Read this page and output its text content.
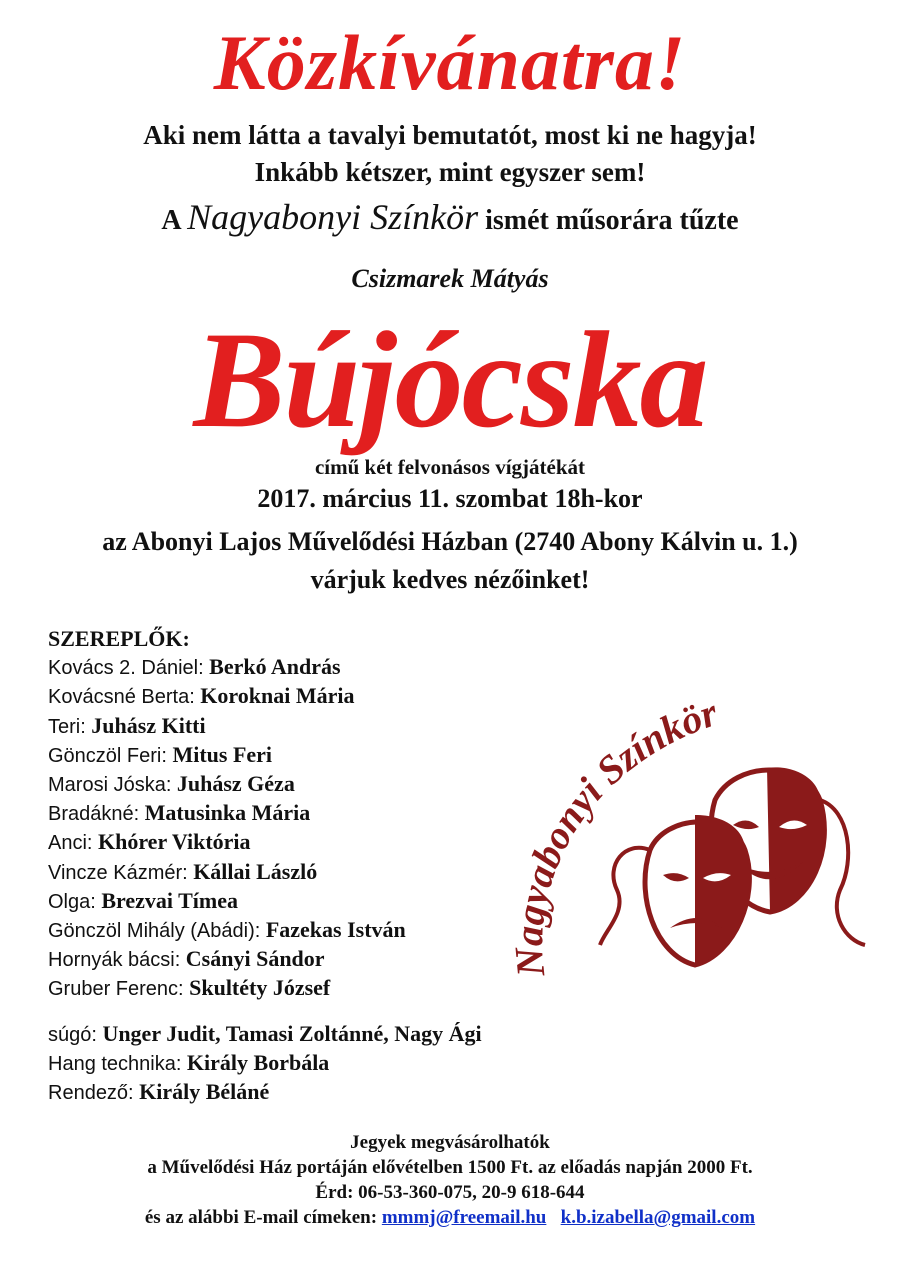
Közkívánatra!
Aki nem látta a tavalyi bemutatót, most ki ne hagyja!
Inkább kétszer, mint egyszer sem!
A Nagyabonyi Színkör ismét műsorára tűzte
Csizmarek Mátyás
Bújócska
című két felvonásos vígjátékát
2017. március 11. szombat 18h-kor
az Abonyi Lajos Művelődési Házban (2740 Abony Kálvin u. 1.)
várjuk kedves nézőinket!
SZEREPLŐK:
Kovács 2. Dániel: Berkó András
Kovácsné Berta: Koroknai Mária
Teri: Juhász Kitti
Gönczöl Feri: Mitus Feri
Marosi Jóska: Juhász Géza
Bradákné: Matusinka Mária
Anci: Khórer Viktória
Vincze Kázmér: Kállai László
Olga: Brezvai Tímea
Gönczöl Mihály (Abádi): Fazekas István
Hornyák bácsi: Csányi Sándor
Gruber Ferenc: Skultéty József
súgó: Unger Judit, Tamasi Zoltánné, Nagy Ági
Hang technika: Király Borbála
Rendező: Király Béláné
Nagyabonyi Színkör
Jegyek megvásárolhatók
a Művelődési Ház portáján elővételben 1500 Ft. az előadás napján 2000 Ft.
Érd: 06-53-360-075, 20-9 618-644
és az alábbi E-mail címeken: mmmj@freemail.hu k.b.izabella@gmail.com
